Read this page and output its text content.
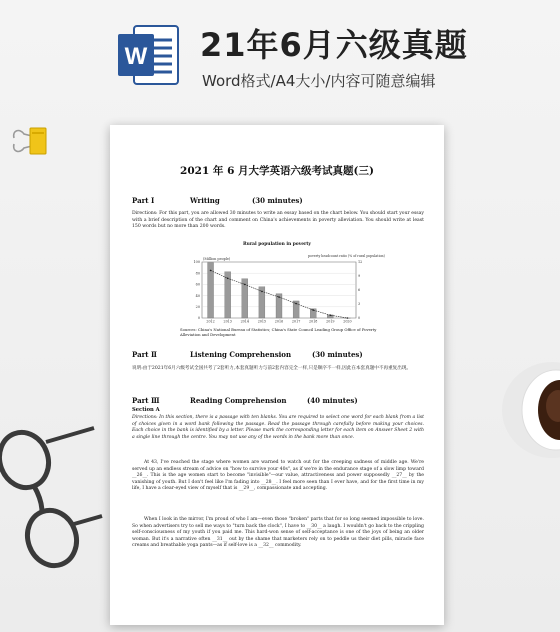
W 21年6月六级真题
Word格式/A4大小/内容可随意编辑
2021 年 6 月大学英语六级考试真题(三)
Part Ⅰ	Writing	(30 minutes)
Directions: For this part, you are allowed 30 minutes to write an essay based on the chart below. You should start your essay with a brief description of the chart and comment on China's achievements in poverty alleviation. You should write at least 150 words but no more than 200 words.
Rural population in poverty
0
20
40
60
80
100
0
3
6
9
12
2012	2013	2014	2015	2016	2017	2018	2019	2020
(Million people)
poverty headcount ratio (% of rural population)
Sources: China's National Bureau of Statistics; China's State Council Leading Group Office of Poverty Alleviation and Development
Part Ⅱ	Listening Comprehension	(30 minutes)
说明:由于2021年6月六级考试全国共考了2套听力,本套真题听力与前2套内容完全一样,只是顺序不一样,因此在本套真题中不再重复出现。
Part Ⅲ	Reading Comprehension	(40 minutes)
Section A
Directions: In this section, there is a passage with ten blanks. You are required to select one word for each blank from a list of choices given in a word bank following the passage. Read the passage through carefully before making your choices. Each choice in the bank is identified by a letter. Please mark the corresponding letter for each item on Answer Sheet 2 with a single line through the centre. You may not use any of the words in the bank more than once.
At 43, I've reached the stage where women are warned to watch out for the creeping sadness of middle age. We're served up an endless stream of advice on "how to survive your 40s", as if we're in the endurance stage of a slow limp toward __26__. This is the age women start to become "invisible"—our value, attractiveness and power supposedly __27__ by the vanishing of youth. But I don't feel like I'm fading into __28__. I feel more seen than I ever have, and for the first time in my life, I have a clear-eyed view of myself that is __29__, compassionate and accepting.
When I look in the mirror, I'm proud of who I am—even those "broken" parts that for so long seemed impossible to love. So when advertisers try to sell me ways to "turn back the clock", I have to __30__ a laugh. I wouldn't go back to the crippling self-consciousness of my youth if you paid me. This hard-won sense of self-acceptance is one of the joys of being an older woman. But it's a narrative often __31__ out by the shame that marketers rely on to peddle us their diet pills, miracle face creams and breathable yoga pants—as if self-love is a __32__ commodity.
